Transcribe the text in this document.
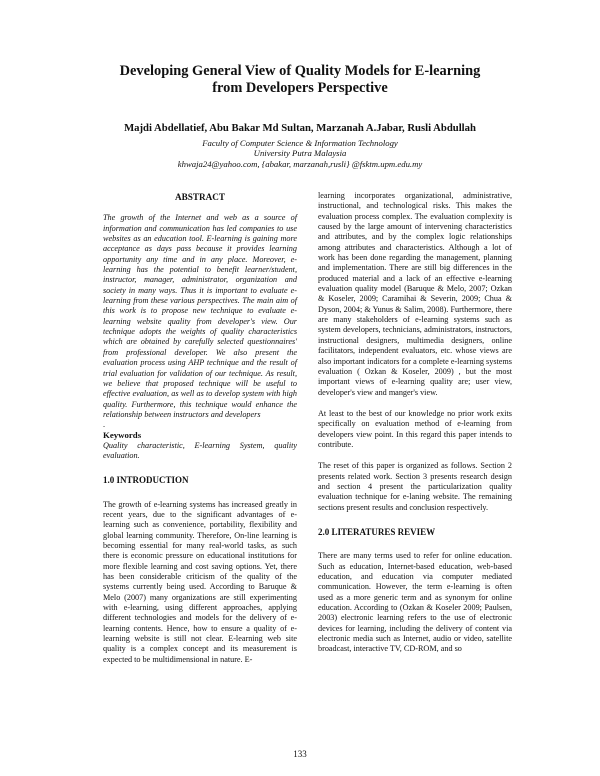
Developing General View of Quality Models for E-learning
from Developers Perspective

Majdi Abdellatief, Abu Bakar Md Sultan, Marzanah A.Jabar, Rusli Abdullah

Faculty of Computer Science & Information Technology
University Putra Malaysia
khwaja24@yahoo.com, {abakar, marzanah,rusli} @fsktm.upm.edu.my
ABSTRACT

The growth of the Internet and web as a source of information and communication has led companies to use websites as an education tool. E-learning is gaining more acceptance as days pass because it provides learning opportunity any time and in any place. Moreover, e-learning has the potential to benefit learner/student, instructor, manager, administrator, organization and society in many ways. Thus it is important to evaluate e-learning from these various perspectives. The main aim of this work is to propose new technique to evaluate e-learning website quality from developer's view. Our technique adopts the weights of quality characteristics which are obtained by carefully selected questionnaires' from professional developer. We also present the evaluation process using AHP technique and the result of trial evaluation for validation of our technique. As result, we believe that proposed technique will be useful to effective evaluation, as well as to develop system with high quality. Furthermore, this technique would enhance the relationship between instructors and developers

.

Keywords

Quality characteristic, E-learning System, quality evaluation.

1.0 INTRODUCTION

The growth of e-learning systems has increased greatly in recent years, due to the significant advantages of e-learning such as convenience, portability, flexibility and global learning community. Therefore, On-line learning is becoming essential for many real-world tasks, as such there is economic pressure on educational institutions for more flexible learning and cost saving options. Yet, there has been considerable criticism of the quality of the systems currently being used. According to Baruque & Melo (2007) many organizations are still experimenting with e-learning, using different approaches, applying different technologies and models for the delivery of e-learning contents. Hence, how to ensure a quality of e-learning website is still not clear. E-learning web site quality is a complex concept and its measurement is expected to be multidimensional in nature. E-

learning incorporates organizational, administrative, instructional, and technological risks. This makes the evaluation process complex. The evaluation complexity is caused by the large amount of intervening characteristics and attributes, and by the complex logic relationships among attributes and characteristics. Although a lot of work has been done regarding the management, planning and implementation. There are still big differences in the produced material and a lack of an effective e-learning evaluation quality model (Baruque & Melo, 2007; Ozkan & Koseler, 2009; Caramihai & Severin, 2009; Chua & Dyson, 2004; & Yunus & Salim, 2008). Furthermore, there are many stakeholders of e-learning systems such as system developers, technicians, administrators, instructors, instructional designers, multimedia designers, online facilitators, independent evaluators, etc. whose views are also important indicators for a complete e-learning systems evaluation ( Ozkan & Koseler, 2009) , but the most important views of e-learning quality are; user view, developer's view and manger's view.

At least to the best of our knowledge no prior work exits specifically on evaluation method of e-learning from developers view point. In this regard this paper intends to contribute.

The reset of this paper is organized as follows. Section 2 presents related work. Section 3 presents research design and section 4 present the particularization quality evaluation technique for e-laning website. The remaining sections present results and conclusion respectively.

2.0 LITERATURES REVIEW

There are many terms used to refer for online education. Such as education, Internet-based education, web-based education, and education via computer mediated communication. However, the term e-learning is often used as a more generic term and as synonym for online education. According to (Ozkan & Koseler 2009; Paulsen, 2003) electronic learning refers to the use of electronic devices for learning, including the delivery of content via electronic media such as Internet, audio or video, satellite broadcast, interactive TV, CD-ROM, and so

133
